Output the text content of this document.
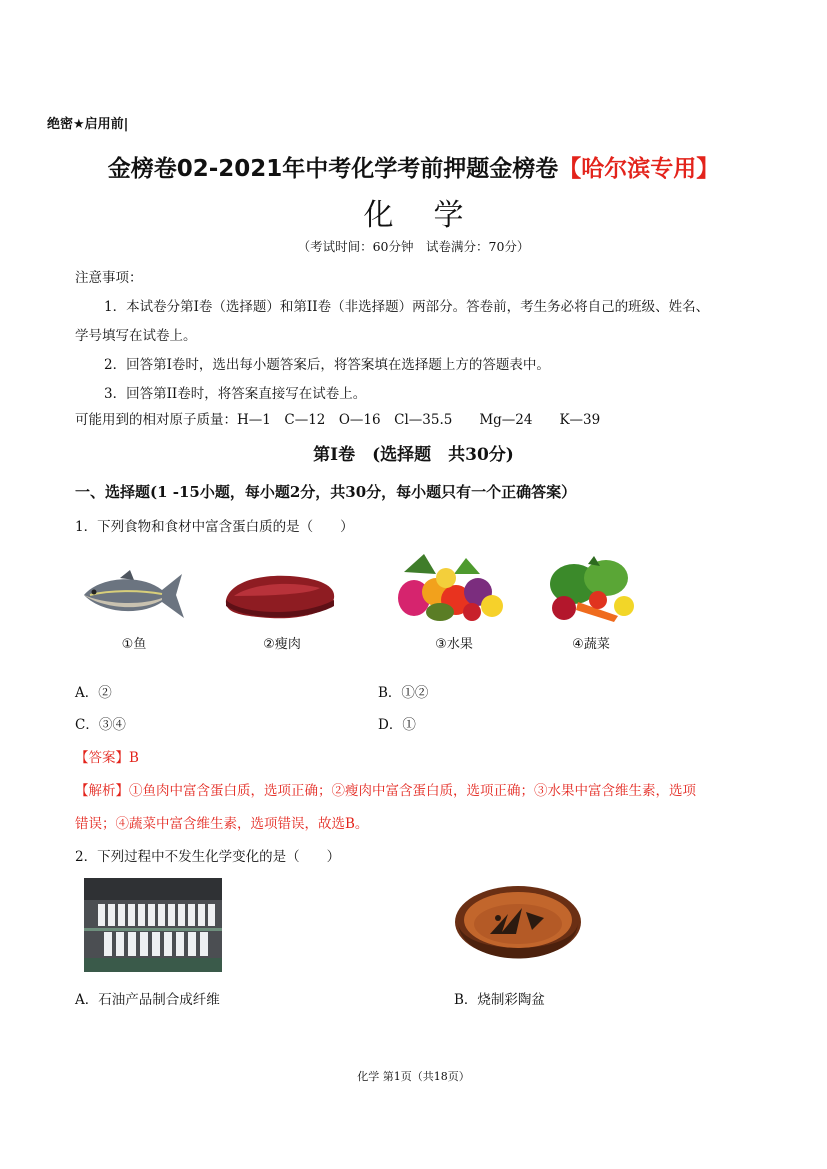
绝密★启用前|
金榜卷02-2021年中考化学考前押题金榜卷【哈尔滨专用】
化学
（考试时间：60分钟　试卷满分：70分）
注意事项：
1．本试卷分第I卷（选择题）和第II卷（非选择题）两部分。答卷前，考生务必将自己的班级、姓名、
学号填写在试卷上。
2．回答第I卷时，选出每小题答案后，将答案填在选择题上方的答题表中。
3．回答第II卷时，将答案直接写在试卷上。
可能用到的相对原子质量：H—1　C—12　O—16　Cl—35.5　　Mg—24　　K—39
第Ⅰ卷　(选择题　共30分)
一、选择题(1 -15小题，每小题2分，共30分，每小题只有一个正确答案）
1．下列食物和食材中富含蛋白质的是（　　）
①鱼	②瘦肉	③水果	④蔬菜
A．②	B．①②
C．③④	D．①
【答案】B
【解析】①鱼肉中富含蛋白质，选项正确；②瘦肉中富含蛋白质，选项正确；③水果中富含维生素，选项
错误；④蔬菜中富含维生素，选项错误，故选B。
2．下列过程中不发生化学变化的是（　　）
A．石油产品制合成纤维	B．烧制彩陶盆
化学 第1页（共18页）
